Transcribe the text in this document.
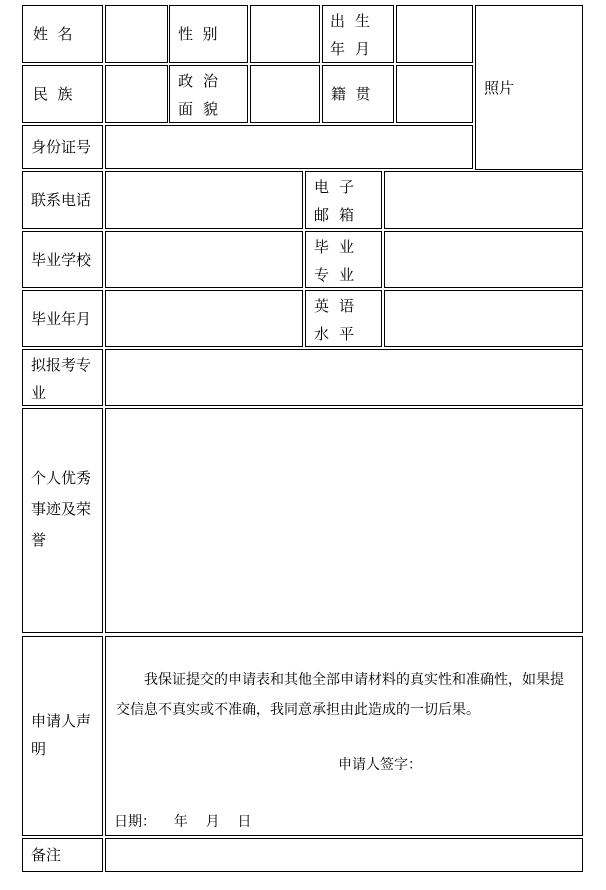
姓  名	性  别
出生年月
照片
民  族
政治面貌
籍  贯
身份证号
联系电话
电子邮箱
毕业学校
毕业专业
毕业年月
英语水平
拟报考专业
个人优秀事迹及荣誉
申请人声明
我保证提交的申请表和其他全部申请材料的真实性和准确性，如果提交信息不真实或不准确，我同意承担由此造成的一切后果。
申请人签字：
日期：    年    月    日
备注
